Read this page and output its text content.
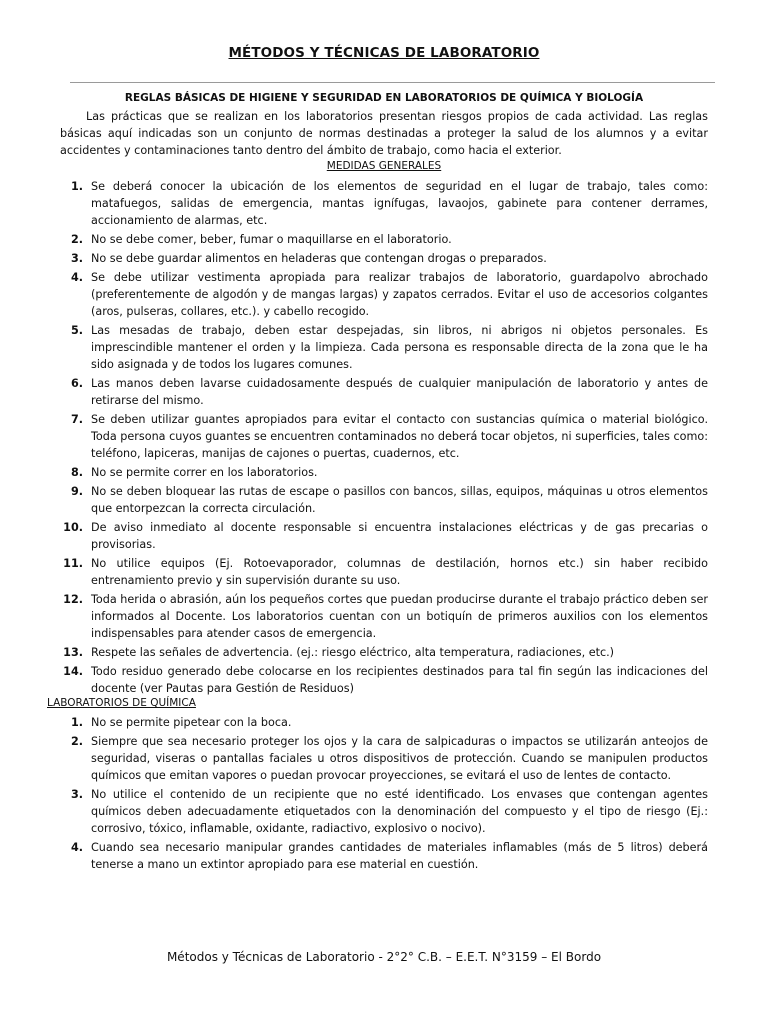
MÉTODOS Y TÉCNICAS DE LABORATORIO
REGLAS BÁSICAS DE HIGIENE Y SEGURIDAD EN LABORATORIOS DE QUÍMICA Y BIOLOGÍA

Las prácticas que se realizan en los laboratorios presentan riesgos propios de cada actividad. Las reglas básicas aquí indicadas son un conjunto de normas destinadas a proteger la salud de los alumnos y a evitar accidentes y contaminaciones tanto dentro del ámbito de trabajo, como hacia el exterior.

MEDIDAS GENERALES
1. Se deberá conocer la ubicación de los elementos de seguridad en el lugar de trabajo, tales como: matafuegos, salidas de emergencia, mantas ignífugas, lavaojos, gabinete para contener derrames, accionamiento de alarmas, etc.
2. No se debe comer, beber, fumar o maquillarse en el laboratorio.
3. No se debe guardar alimentos en heladeras que contengan drogas o preparados.
4. Se debe utilizar vestimenta apropiada para realizar trabajos de laboratorio, guardapolvo abrochado (preferentemente de algodón y de mangas largas) y zapatos cerrados. Evitar el uso de accesorios colgantes (aros, pulseras, collares, etc.). y cabello recogido.
5. Las mesadas de trabajo, deben estar despejadas, sin libros, ni abrigos ni objetos personales. Es imprescindible mantener el orden y la limpieza. Cada persona es responsable directa de la zona que le ha sido asignada y de todos los lugares comunes.
6. Las manos deben lavarse cuidadosamente después de cualquier manipulación de laboratorio y antes de retirarse del mismo.
7. Se deben utilizar guantes apropiados para evitar el contacto con sustancias química o material biológico. Toda persona cuyos guantes se encuentren contaminados no deberá tocar objetos, ni superficies, tales como: teléfono, lapiceras, manijas de cajones o puertas, cuadernos, etc.
8. No se permite correr en los laboratorios.
9. No se deben bloquear las rutas de escape o pasillos con bancos, sillas, equipos, máquinas u otros elementos que entorpezcan la correcta circulación.
10. De aviso inmediato al docente responsable si encuentra instalaciones eléctricas y de gas precarias o provisorias.
11. No utilice equipos (Ej. Rotoevaporador, columnas de destilación, hornos etc.) sin haber recibido entrenamiento previo y sin supervisión durante su uso.
12. Toda herida o abrasión, aún los pequeños cortes que puedan producirse durante el trabajo práctico deben ser informados al Docente. Los laboratorios cuentan con un botiquín de primeros auxilios con los elementos indispensables para atender casos de emergencia.
13. Respete las señales de advertencia. (ej.: riesgo eléctrico, alta temperatura, radiaciones, etc.)
14. Todo residuo generado debe colocarse en los recipientes destinados para tal fin según las indicaciones del docente (ver Pautas para Gestión de Residuos)
LABORATORIOS DE QUÍMICA
1. No se permite pipetear con la boca.
2. Siempre que sea necesario proteger los ojos y la cara de salpicaduras o impactos se utilizarán anteojos de seguridad, viseras o pantallas faciales u otros dispositivos de protección. Cuando se manipulen productos químicos que emitan vapores o puedan provocar proyecciones, se evitará el uso de lentes de contacto.
3. No utilice el contenido de un recipiente que no esté identificado. Los envases que contengan agentes químicos deben adecuadamente etiquetados con la denominación del compuesto y el tipo de riesgo (Ej.: corrosivo, tóxico, inflamable, oxidante, radiactivo, explosivo o nocivo).
4. Cuando sea necesario manipular grandes cantidades de materiales inflamables (más de 5 litros) deberá tenerse a mano un extintor apropiado para ese material en cuestión.
Métodos y Técnicas de Laboratorio - 2°2° C.B. – E.E.T. N°3159 – El Bordo
